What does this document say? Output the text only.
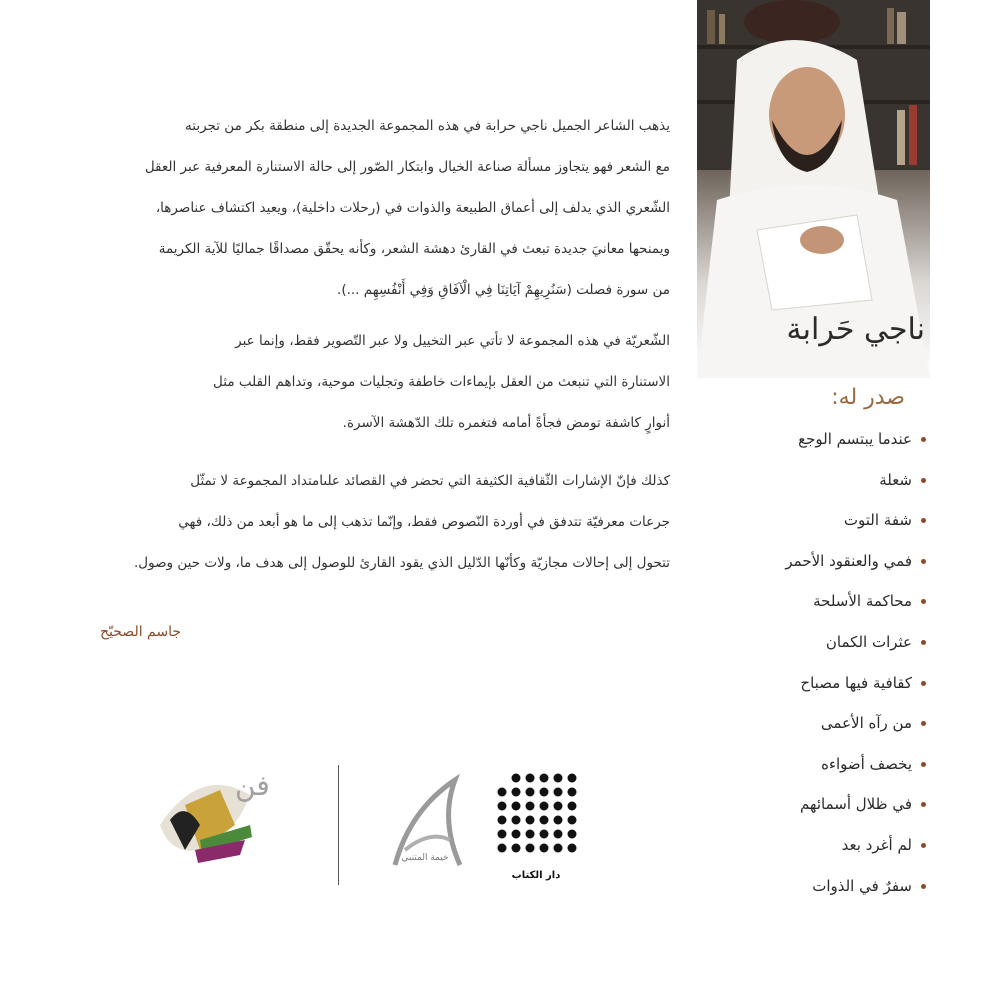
ناجي حَرابة
صدر له:
عندما يبتسم الوجع
شعلة
شفة التوت
فمي والعنقود الأحمر
محاكمة الأسلحة
عثرات الكمان
كقافية فيها مصباح
من رآه الأعمى
يخصف أضواءه
في ظلال أسمائهم
لم أغرد بعد
سفرٌ في الذوات
يذهب الشاعر الجميل ناجي حرابة في هذه المجموعة الجديدة إلى منطقة بكر من تجربته
مع الشعر فهو يتجاوز مسألة صناعة الخيال وابتكار الصّور إلى حالة الاستنارة المعرفية عبر العقل
الشّعري الذي يدلف إلى أعماق الطبيعة والذوات في (رحلات داخلية)، ويعيد اكتشاف عناصرها،
ويمنحها معانيَ جديدة تبعث في القارئ دهشة الشعر، وكأنه يحقّق مصداقًا جماليًا للآية الكريمة
من سورة فصلت (سَنُرِيهِمْ آيَاتِنَا فِي الْآفَاقِ وَفِي أَنْفُسِهِم ...).
الشّعريّة في هذه المجموعة لا تأتي عبر التخييل ولا عبر التّصوير فقط، وإنما عبر
الاستنارة التي تنبعث من العقل بإيماءات خاطفة وتجليات موحية، وتداهم القلب مثل
أنوارٍ كاشفة تومض فجأةً أمامه فتغمره تلك الدّهشة الآسرة.
كذلك فإنّ الإشارات الثّقافية الكثيفة التي تحضر في القصائد علىامتداد المجموعة لا تمثّل
جرعات معرفيّة تتدفق في أوردة النّصوص فقط، وإنّما تذهب إلى ما هو أبعد من ذلك، فهي
تتحول إلى إحالات مجازيّة وكأنّها الدّليل الذي يقود القارئ للوصول إلى هدف ما، ولات حين وصول.
جاسم الصحيّح
فن
خيمة المتنبي
دار الكتاب
